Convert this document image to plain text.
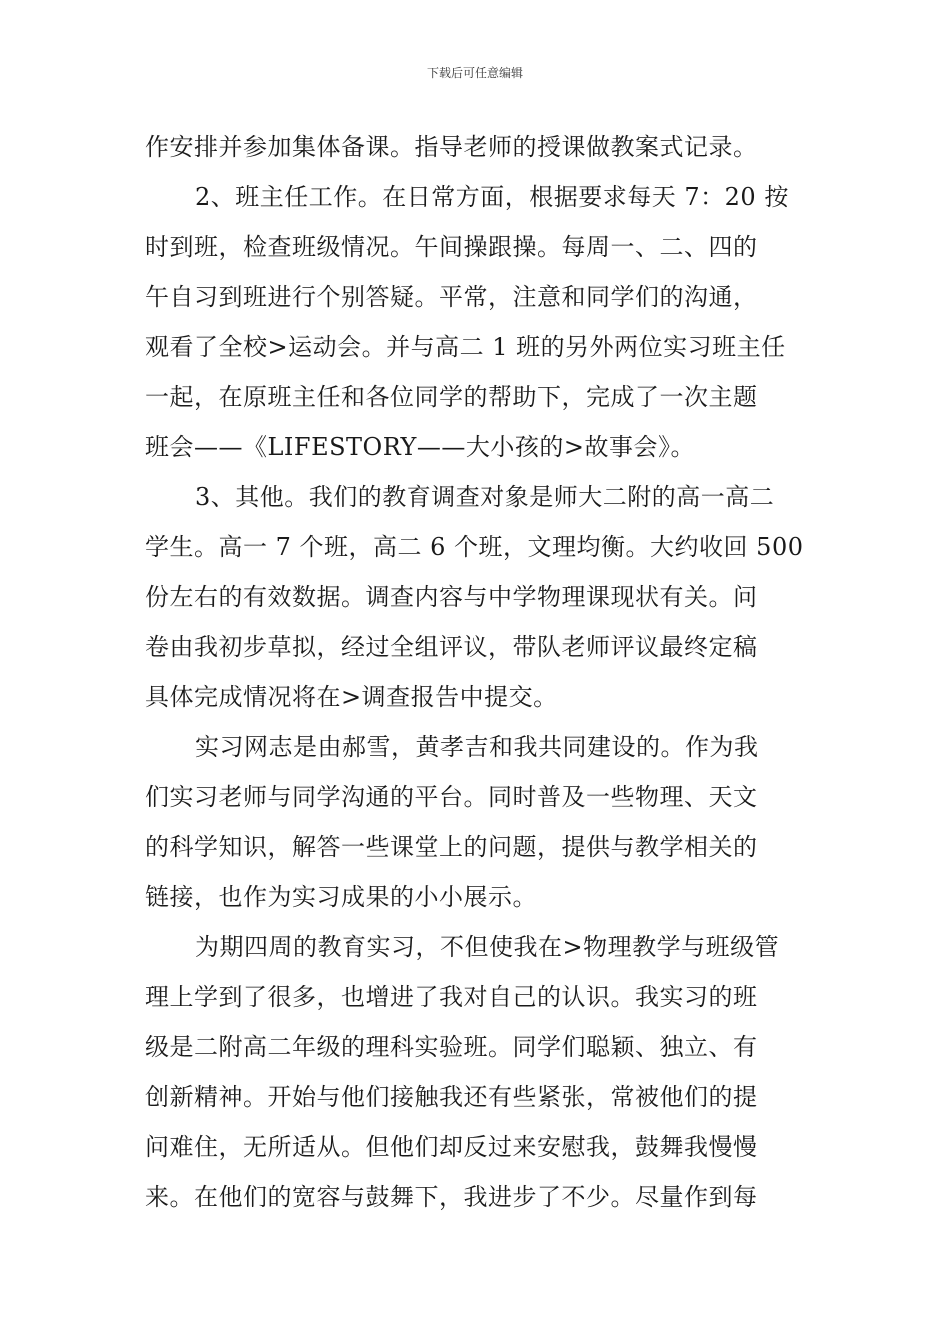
下载后可任意编辑
作安排并参加集体备课。指导老师的授课做教案式记录。
2、班主任工作。在日常方面，根据要求每天 7：20 按
时到班，检查班级情况。午间操跟操。每周一、二、四的
午自习到班进行个别答疑。平常，注意和同学们的沟通，
观看了全校>运动会。并与高二 1 班的另外两位实习班主任
一起，在原班主任和各位同学的帮助下，完成了一次主题
班会——《LIFESTORY——大小孩的>故事会》。
3、其他。我们的教育调查对象是师大二附的高一高二
学生。高一 7 个班，高二 6 个班，文理均衡。大约收回 500
份左右的有效数据。调查内容与中学物理课现状有关。问
卷由我初步草拟，经过全组评议，带队老师评议最终定稿
具体完成情况将在>调查报告中提交。
实习网志是由郝雪，黄孝吉和我共同建设的。作为我
们实习老师与同学沟通的平台。同时普及一些物理、天文
的科学知识，解答一些课堂上的问题，提供与教学相关的
链接，也作为实习成果的小小展示。
为期四周的教育实习，不但使我在>物理教学与班级管
理上学到了很多，也增进了我对自己的认识。我实习的班
级是二附高二年级的理科实验班。同学们聪颖、独立、有
创新精神。开始与他们接触我还有些紧张，常被他们的提
问难住，无所适从。但他们却反过来安慰我，鼓舞我慢慢
来。在他们的宽容与鼓舞下，我进步了不少。尽量作到每
